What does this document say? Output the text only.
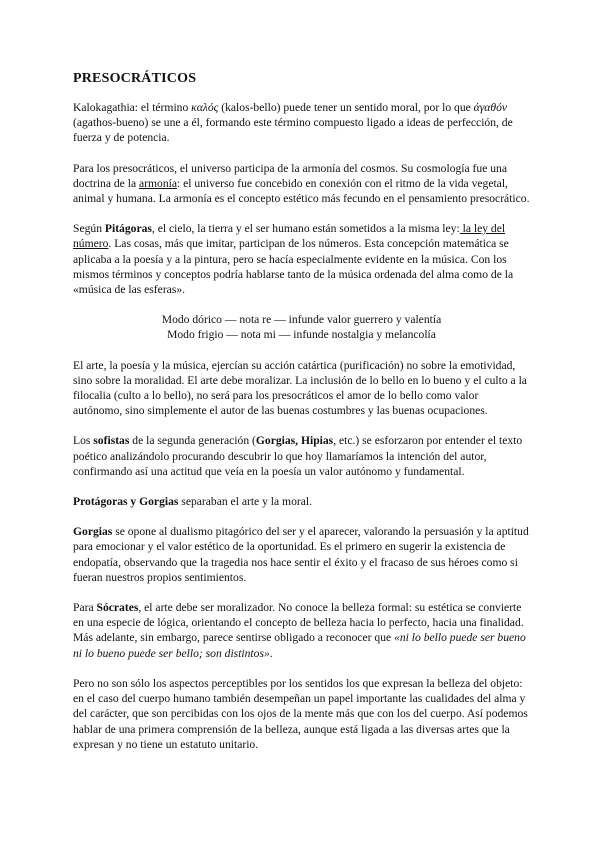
PRESOCRÁTICOS

Kalokagathia: el término καλός (kalos-bello) puede tener un sentido moral, por lo que άγαθόν (agathos-bueno) se une a él, formando este término compuesto ligado a ideas de perfección, de fuerza y de potencia.

Para los presocráticos, el universo participa de la armonía del cosmos. Su cosmología fue una doctrina de la armonía: el universo fue concebido en conexión con el ritmo de la vida vegetal, animal y humana. La armonía es el concepto estético más fecundo en el pensamiento presocrático.

Según Pitágoras, el cielo, la tierra y el ser humano están sometidos a la misma ley: la ley del número. Las cosas, más que imitar, participan de los números. Esta concepción matemática se aplicaba a la poesía y a la pintura, pero se hacía especialmente evidente en la música. Con los mismos términos y conceptos podría hablarse tanto de la música ordenada del alma como de la «música de las esferas».

Modo dórico — nota re — infunde valor guerrero y valentía
Modo frigio — nota mi — infunde nostalgia y melancolía

El arte, la poesía y la música, ejercían su acción catártica (purificación) no sobre la emotividad, sino sobre la moralidad. El arte debe moralizar. La inclusión de lo bello en lo bueno y el culto a la filocalia (culto a lo bello), no será para los presocráticos el amor de lo bello como valor autónomo, sino simplemente el autor de las buenas costumbres y las buenas ocupaciones.

Los sofistas de la segunda generación (Gorgias, Hipias, etc.) se esforzaron por entender el texto poético analizándolo procurando descubrir lo que hoy llamaríamos la intención del autor, confirmando así una actitud que veía en la poesía un valor autónomo y fundamental.

Protágoras y Gorgias separaban el arte y la moral.

Gorgias se opone al dualismo pitagórico del ser y el aparecer, valorando la persuasión y la aptitud para emocionar y el valor estético de la oportunidad. Es el primero en sugerir la existencia de endopatía, observando que la tragedia nos hace sentir el éxito y el fracaso de sus héroes como si fueran nuestros propios sentimientos.

Para Sócrates, el arte debe ser moralizador. No conoce la belleza formal: su estética se convierte en una especie de lógica, orientando el concepto de belleza hacia lo perfecto, hacia una finalidad. Más adelante, sin embargo, parece sentirse obligado a reconocer que «ni lo bello puede ser bueno ni lo bueno puede ser bello; son distintos».

Pero no son sólo los aspectos perceptibles por los sentidos los que expresan la belleza del objeto: en el caso del cuerpo humano también desempeñan un papel importante las cualidades del alma y del carácter, que son percibidas con los ojos de la mente más que con los del cuerpo. Así podemos hablar de una primera comprensión de la belleza, aunque está ligada a las diversas artes que la expresan y no tiene un estatuto unitario.
